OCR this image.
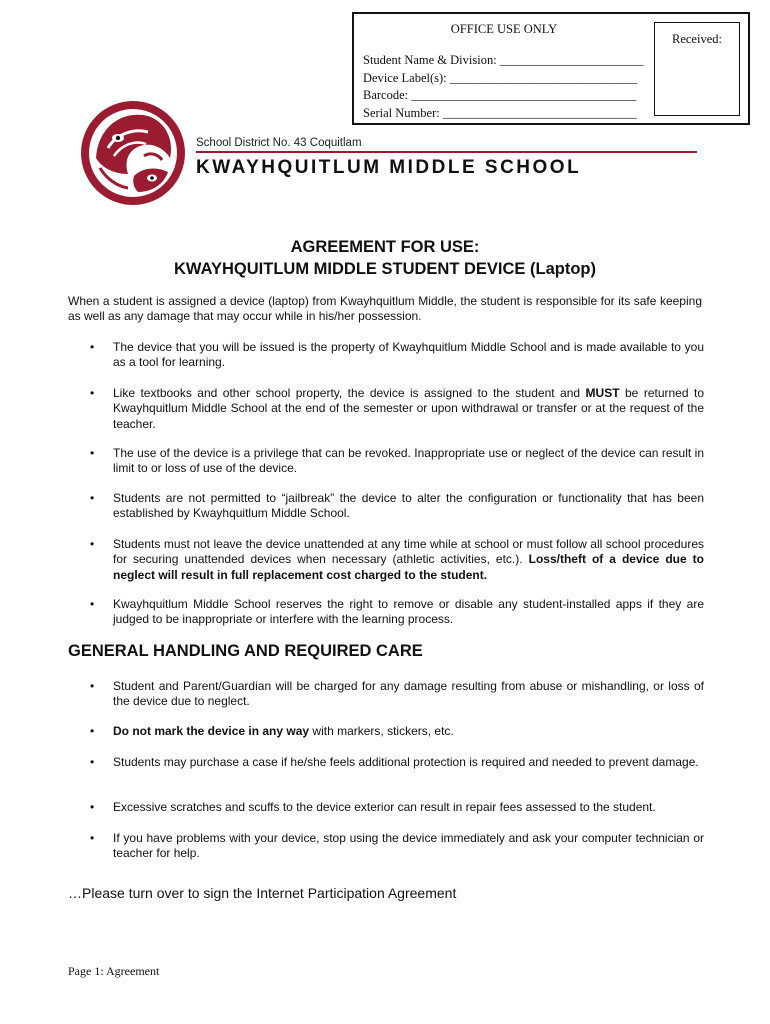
OFFICE USE ONLY
Student Name & Division: _______________________
Device Label(s): ______________________________
Barcode: ____________________________________
Serial Number: _______________________________
Received:
School District No. 43 Coquitlam
KWAYHQUITLUM MIDDLE SCHOOL
AGREEMENT FOR USE:
KWAYHQUITLUM MIDDLE STUDENT DEVICE (Laptop)
When a student is assigned a device (laptop) from Kwayhquitlum Middle, the student is responsible for its safe keeping as well as any damage that may occur while in his/her possession.
• The device that you will be issued is the property of Kwayhquitlum Middle School and is made available to you as a tool for learning.
• Like textbooks and other school property, the device is assigned to the student and MUST be returned to Kwayhquitlum Middle School at the end of the semester or upon withdrawal or transfer or at the request of the teacher.
• The use of the device is a privilege that can be revoked. Inappropriate use or neglect of the device can result in limit to or loss of use of the device.
• Students are not permitted to “jailbreak” the device to alter the configuration or functionality that has been established by Kwayhquitlum Middle School.
• Students must not leave the device unattended at any time while at school or must follow all school procedures for securing unattended devices when necessary (athletic activities, etc.). Loss/theft of a device due to neglect will result in full replacement cost charged to the student.
• Kwayhquitlum Middle School reserves the right to remove or disable any student-installed apps if they are judged to be inappropriate or interfere with the learning process.
GENERAL HANDLING AND REQUIRED CARE
• Student and Parent/Guardian will be charged for any damage resulting from abuse or mishandling, or loss of the device due to neglect.
• Do not mark the device in any way with markers, stickers, etc.
• Students may purchase a case if he/she feels additional protection is required and needed to prevent damage.
• Excessive scratches and scuffs to the device exterior can result in repair fees assessed to the student.
• If you have problems with your device, stop using the device immediately and ask your computer technician or teacher for help.
…Please turn over to sign the Internet Participation Agreement
Page 1: Agreement
